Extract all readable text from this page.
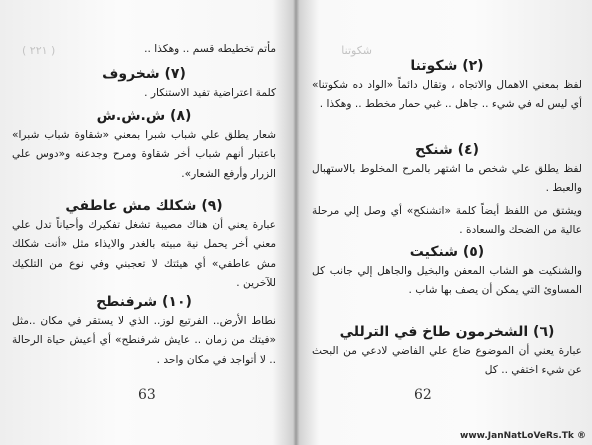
( ٢٢١ )	مأتم تخطيطه قسم .. وهكذا ..

(٧) شخروف

كلمة اعتراضية تفيد الاستنكار .

(٨) ش.ش.ش

شعار يطلق علي شباب شبرا بمعني «شقاوة شباب شبرا» باعتبار أنهم شباب أخر شقاوة ومرح وجدعنه و«دوس علي الزرار وأرفع الشعار».

(٩) شكلك مش عاطفي

عبارة يعني أن هناك مصيبة تشغل تفكيرك وأحياناً تدل علي معني أخر يحمل نية مبيته بالغدر والايذاء مثل «أنت شكلك مش عاطفي» أي هيئتك لا تعجبني وفي نوع من التلكيك للآخرين .

(١٠) شرفنطح

نطاط الأرض.. الفرتيع لوز.. الذي لا يستقر في مكان ..مثل «فيتك من زمان .. عايش شرفنطح» أي أعيش حياة الرحالة .. لا أتواجد في مكان واحد .

63
شكوتنا
(٢) شكوتنا

لفظ بمعني الاهمال والاتجاه ، وتقال دائماً «الواد ده شكوتنا» أي ليس له في شيء .. جاهل .. غبي حمار مخطط .. وهكذا .

(٤) شنكح

لفظ يطلق علي شخص ما اشتهر بالمرح المخلوط بالاستهبال والعبط .

ويشتق من اللفظ أيضاً كلمة «اتشنكح» أي وصل إلي مرحلة عالية من الضحك والسعادة .

(٥) شنكيت

والشنكيت هو الشاب المعفن والبخيل والجاهل إلي جانب كل المساوئ التي يمكن أن يصف بها شاب .

(٦) الشخرمون طاخ في الترللي

عبارة يعني أن الموضوع ضاع علي الفاضي لادعي من البحث عن شيء اختفي .. كل

62
www.JanNatLoVeRs.Tk ®
